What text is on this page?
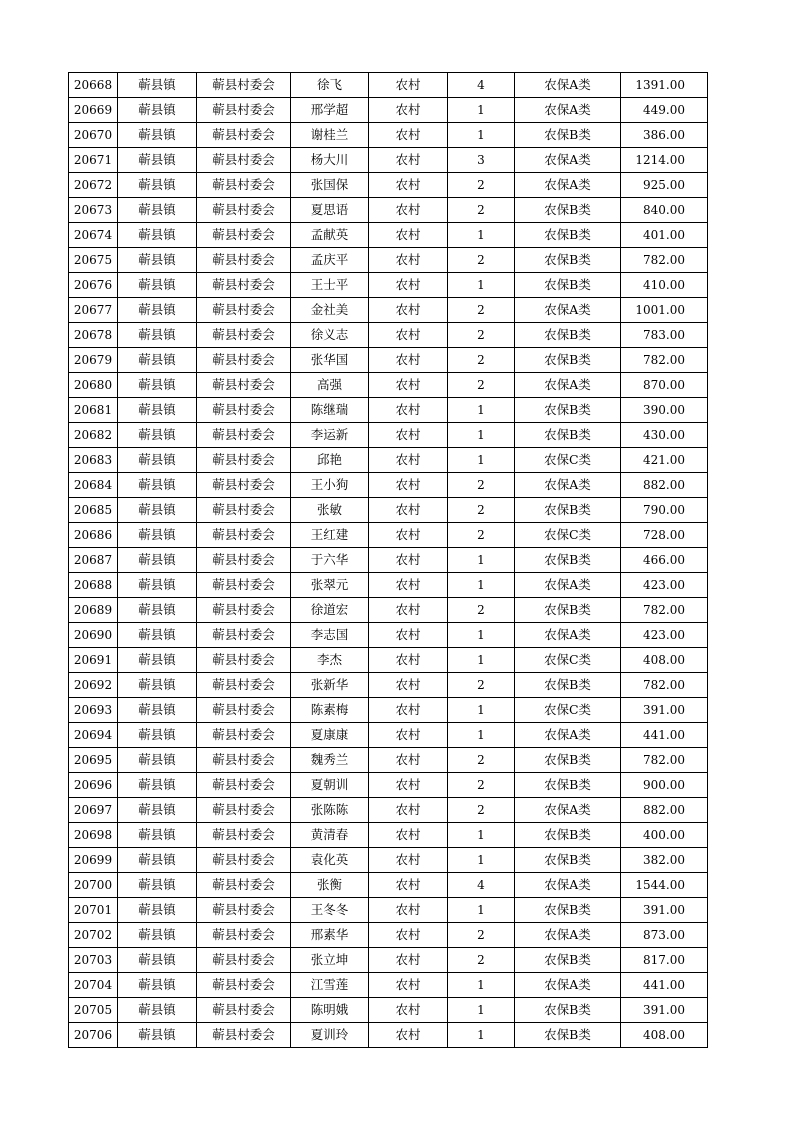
20668	蕲县镇	蕲县村委会	徐飞	农村	4	农保A类	1391.00
20669	蕲县镇	蕲县村委会	邢学超	农村	1	农保A类	449.00
20670	蕲县镇	蕲县村委会	谢桂兰	农村	1	农保B类	386.00
20671	蕲县镇	蕲县村委会	杨大川	农村	3	农保A类	1214.00
20672	蕲县镇	蕲县村委会	张国保	农村	2	农保A类	925.00
20673	蕲县镇	蕲县村委会	夏思语	农村	2	农保B类	840.00
20674	蕲县镇	蕲县村委会	孟献英	农村	1	农保B类	401.00
20675	蕲县镇	蕲县村委会	孟庆平	农村	2	农保B类	782.00
20676	蕲县镇	蕲县村委会	王士平	农村	1	农保B类	410.00
20677	蕲县镇	蕲县村委会	金社美	农村	2	农保A类	1001.00
20678	蕲县镇	蕲县村委会	徐义志	农村	2	农保B类	783.00
20679	蕲县镇	蕲县村委会	张华国	农村	2	农保B类	782.00
20680	蕲县镇	蕲县村委会	高强	农村	2	农保A类	870.00
20681	蕲县镇	蕲县村委会	陈继瑞	农村	1	农保B类	390.00
20682	蕲县镇	蕲县村委会	李运新	农村	1	农保B类	430.00
20683	蕲县镇	蕲县村委会	邱艳	农村	1	农保C类	421.00
20684	蕲县镇	蕲县村委会	王小狗	农村	2	农保A类	882.00
20685	蕲县镇	蕲县村委会	张敏	农村	2	农保B类	790.00
20686	蕲县镇	蕲县村委会	王红建	农村	2	农保C类	728.00
20687	蕲县镇	蕲县村委会	于六华	农村	1	农保B类	466.00
20688	蕲县镇	蕲县村委会	张翠元	农村	1	农保A类	423.00
20689	蕲县镇	蕲县村委会	徐道宏	农村	2	农保B类	782.00
20690	蕲县镇	蕲县村委会	李志国	农村	1	农保A类	423.00
20691	蕲县镇	蕲县村委会	李杰	农村	1	农保C类	408.00
20692	蕲县镇	蕲县村委会	张新华	农村	2	农保B类	782.00
20693	蕲县镇	蕲县村委会	陈素梅	农村	1	农保C类	391.00
20694	蕲县镇	蕲县村委会	夏康康	农村	1	农保A类	441.00
20695	蕲县镇	蕲县村委会	魏秀兰	农村	2	农保B类	782.00
20696	蕲县镇	蕲县村委会	夏朝训	农村	2	农保B类	900.00
20697	蕲县镇	蕲县村委会	张陈陈	农村	2	农保A类	882.00
20698	蕲县镇	蕲县村委会	黄清春	农村	1	农保B类	400.00
20699	蕲县镇	蕲县村委会	袁化英	农村	1	农保B类	382.00
20700	蕲县镇	蕲县村委会	张衡	农村	4	农保A类	1544.00
20701	蕲县镇	蕲县村委会	王冬冬	农村	1	农保B类	391.00
20702	蕲县镇	蕲县村委会	邢素华	农村	2	农保A类	873.00
20703	蕲县镇	蕲县村委会	张立坤	农村	2	农保B类	817.00
20704	蕲县镇	蕲县村委会	江雪莲	农村	1	农保A类	441.00
20705	蕲县镇	蕲县村委会	陈明娥	农村	1	农保B类	391.00
20706	蕲县镇	蕲县村委会	夏训玲	农村	1	农保B类	408.00
